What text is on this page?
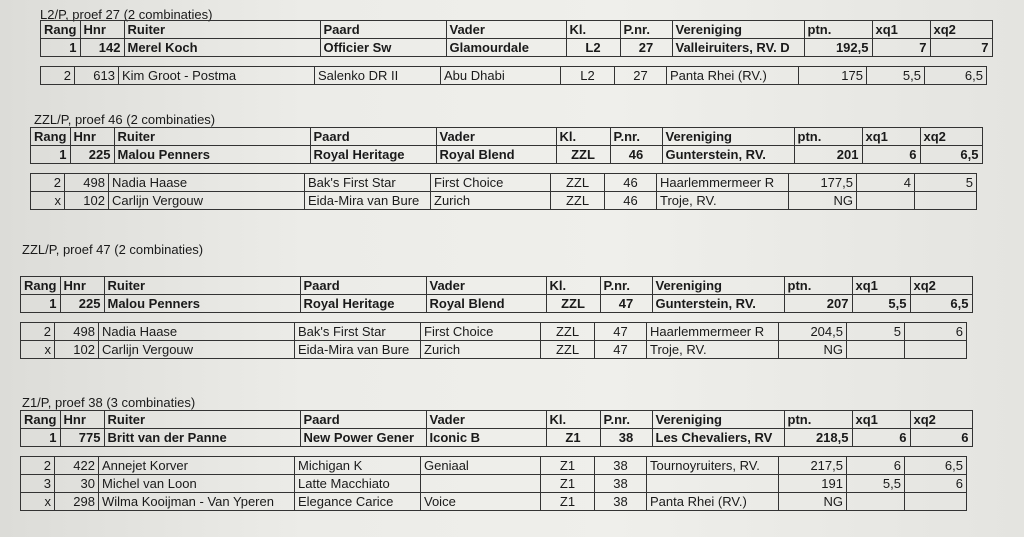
L2/P, proef 27 (2 combinaties)
Rang	Hnr	Ruiter	Paard	Vader	Kl.	P.nr.	Vereniging	ptn.	xq1	xq2
1	142	Merel Koch	Officier Sw	Glamourdale	L2	27	Valleiruiters, RV. D	192,5	7	7
2	613	Kim Groot - Postma	Salenko DR II	Abu Dhabi	L2	27	Panta Rhei (RV.)	175	5,5	6,5
ZZL/P, proef 46 (2 combinaties)
Rang	Hnr	Ruiter	Paard	Vader	Kl.	P.nr.	Vereniging	ptn.	xq1	xq2
1	225	Malou Penners	Royal Heritage	Royal Blend	ZZL	46	Gunterstein, RV.	201	6	6,5
2	498	Nadia Haase	Bak's First Star	First Choice	ZZL	46	Haarlemmermeer R	177,5	4	5
x	102	Carlijn Vergouw	Eida-Mira van Bure	Zurich	ZZL	46	Troje, RV.	NG		
ZZL/P, proef 47 (2 combinaties)
Rang	Hnr	Ruiter	Paard	Vader	Kl.	P.nr.	Vereniging	ptn.	xq1	xq2
1	225	Malou Penners	Royal Heritage	Royal Blend	ZZL	47	Gunterstein, RV.	207	5,5	6,5
2	498	Nadia Haase	Bak's First Star	First Choice	ZZL	47	Haarlemmermeer R	204,5	5	6
x	102	Carlijn Vergouw	Eida-Mira van Bure	Zurich	ZZL	47	Troje, RV.	NG		
Z1/P, proef 38 (3 combinaties)
Rang	Hnr	Ruiter	Paard	Vader	Kl.	P.nr.	Vereniging	ptn.	xq1	xq2
1	775	Britt van der Panne	New Power Gener	Iconic B	Z1	38	Les Chevaliers, RV	218,5	6	6
2	422	Annejet Korver	Michigan K	Geniaal	Z1	38	Tournoyruiters, RV.	217,5	6	6,5
3	30	Michel van Loon	Latte Macchiato		Z1	38		191	5,5	6
x	298	Wilma Kooijman - Van Yperen	Elegance Carice	Voice	Z1	38	Panta Rhei (RV.)	NG		
